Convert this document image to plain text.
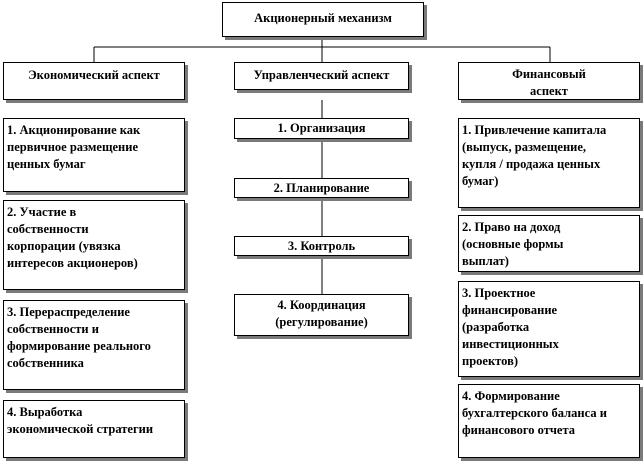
Акционерный механизм
Экономический аспект	Управленческий аспект	Финансовый
аспект
1. Акционирование как
первичное размещение
ценных бумаг
2. Участие в
собственности
корпорации (увязка
интересов акционеров)
3. Перераспределение
собственности и
формирование реального
собственника
4. Выработка
экономической стратегии
1. Организация
2. Планирование
3. Контроль
4. Координация
(регулирование)
1. Привлечение капитала
(выпуск, размещение,
купля / продажа ценных
бумаг)
2. Право на доход
(основные формы
выплат)
3. Проектное
финансирование
(разработка
инвестиционных
проектов)
4. Формирование
бухгалтерского баланса и
финансового отчета
